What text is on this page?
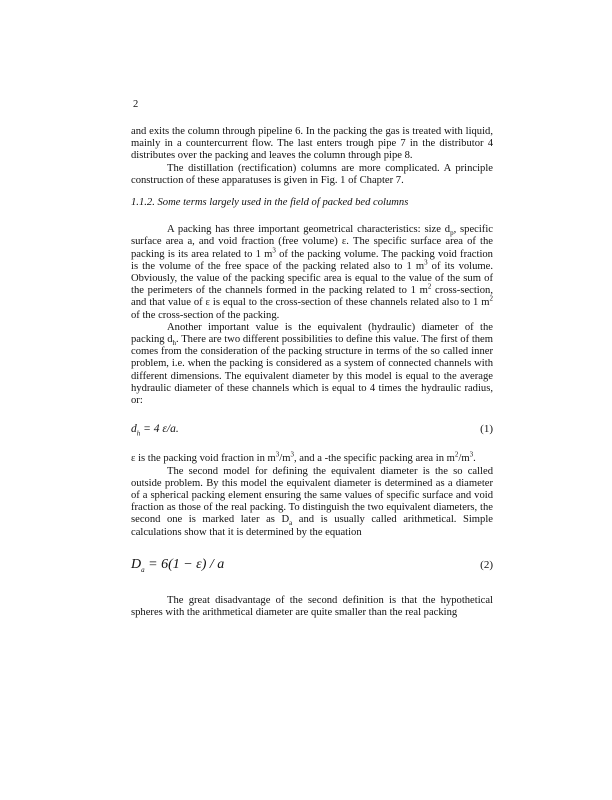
2

and exits the column through pipeline 6. In the packing the gas is treated with liquid, mainly in a countercurrent flow. The last enters trough pipe 7 in the distributor 4 distributes over the packing and leaves the column through pipe 8.

The distillation (rectification) columns are more complicated. A principle construction of these apparatuses is given in Fig. 1 of Chapter 7.

1.1.2. Some terms largely used in the field of packed bed columns

A packing has three important geometrical characteristics: size $d_p$, specific surface area a, and void fraction (free volume) ε. The specific surface area of the packing is its area related to 1 $m^3$ of the packing volume. The packing void fraction is the volume of the free space of the packing related also to 1 $m^3$ of its volume. Obviously, the value of the packing specific area is equal to the value of the sum of the perimeters of the channels formed in the packing related to 1 $m^2$ cross-section, and that value of ε is equal to the cross-section of these channels related also to 1 $m^2$ of the cross-section of the packing.

Another important value is the equivalent (hydraulic) diameter of the packing $d_h$. There are two different possibilities to define this value. The first of them comes from the consideration of the packing structure in terms of the so called inner problem, i.e. when the packing is considered as a system of connected channels with different dimensions. The equivalent diameter by this model is equal to the average hydraulic diameter of these channels which is equal to 4 times the hydraulic radius, or:

$d_h = 4$ ε/a.	(1)

ε is the packing void fraction in $m^3/m^3$, and a -the specific packing area in $m^2/m^3$.

The second model for defining the equivalent diameter is the so called outside problem. By this model the equivalent diameter is determined as a diameter of a spherical packing element ensuring the same values of specific surface and void fraction as those of the real packing. To distinguish the two equivalent diameters, the second one is marked later as $D_a$ and is usually called arithmetical. Simple calculations show that it is determined by the equation

$D_a = 6(1 - \varepsilon) / a$	(2)

The great disadvantage of the second definition is that the hypothetical spheres with the arithmetical diameter are quite smaller than the real packing
